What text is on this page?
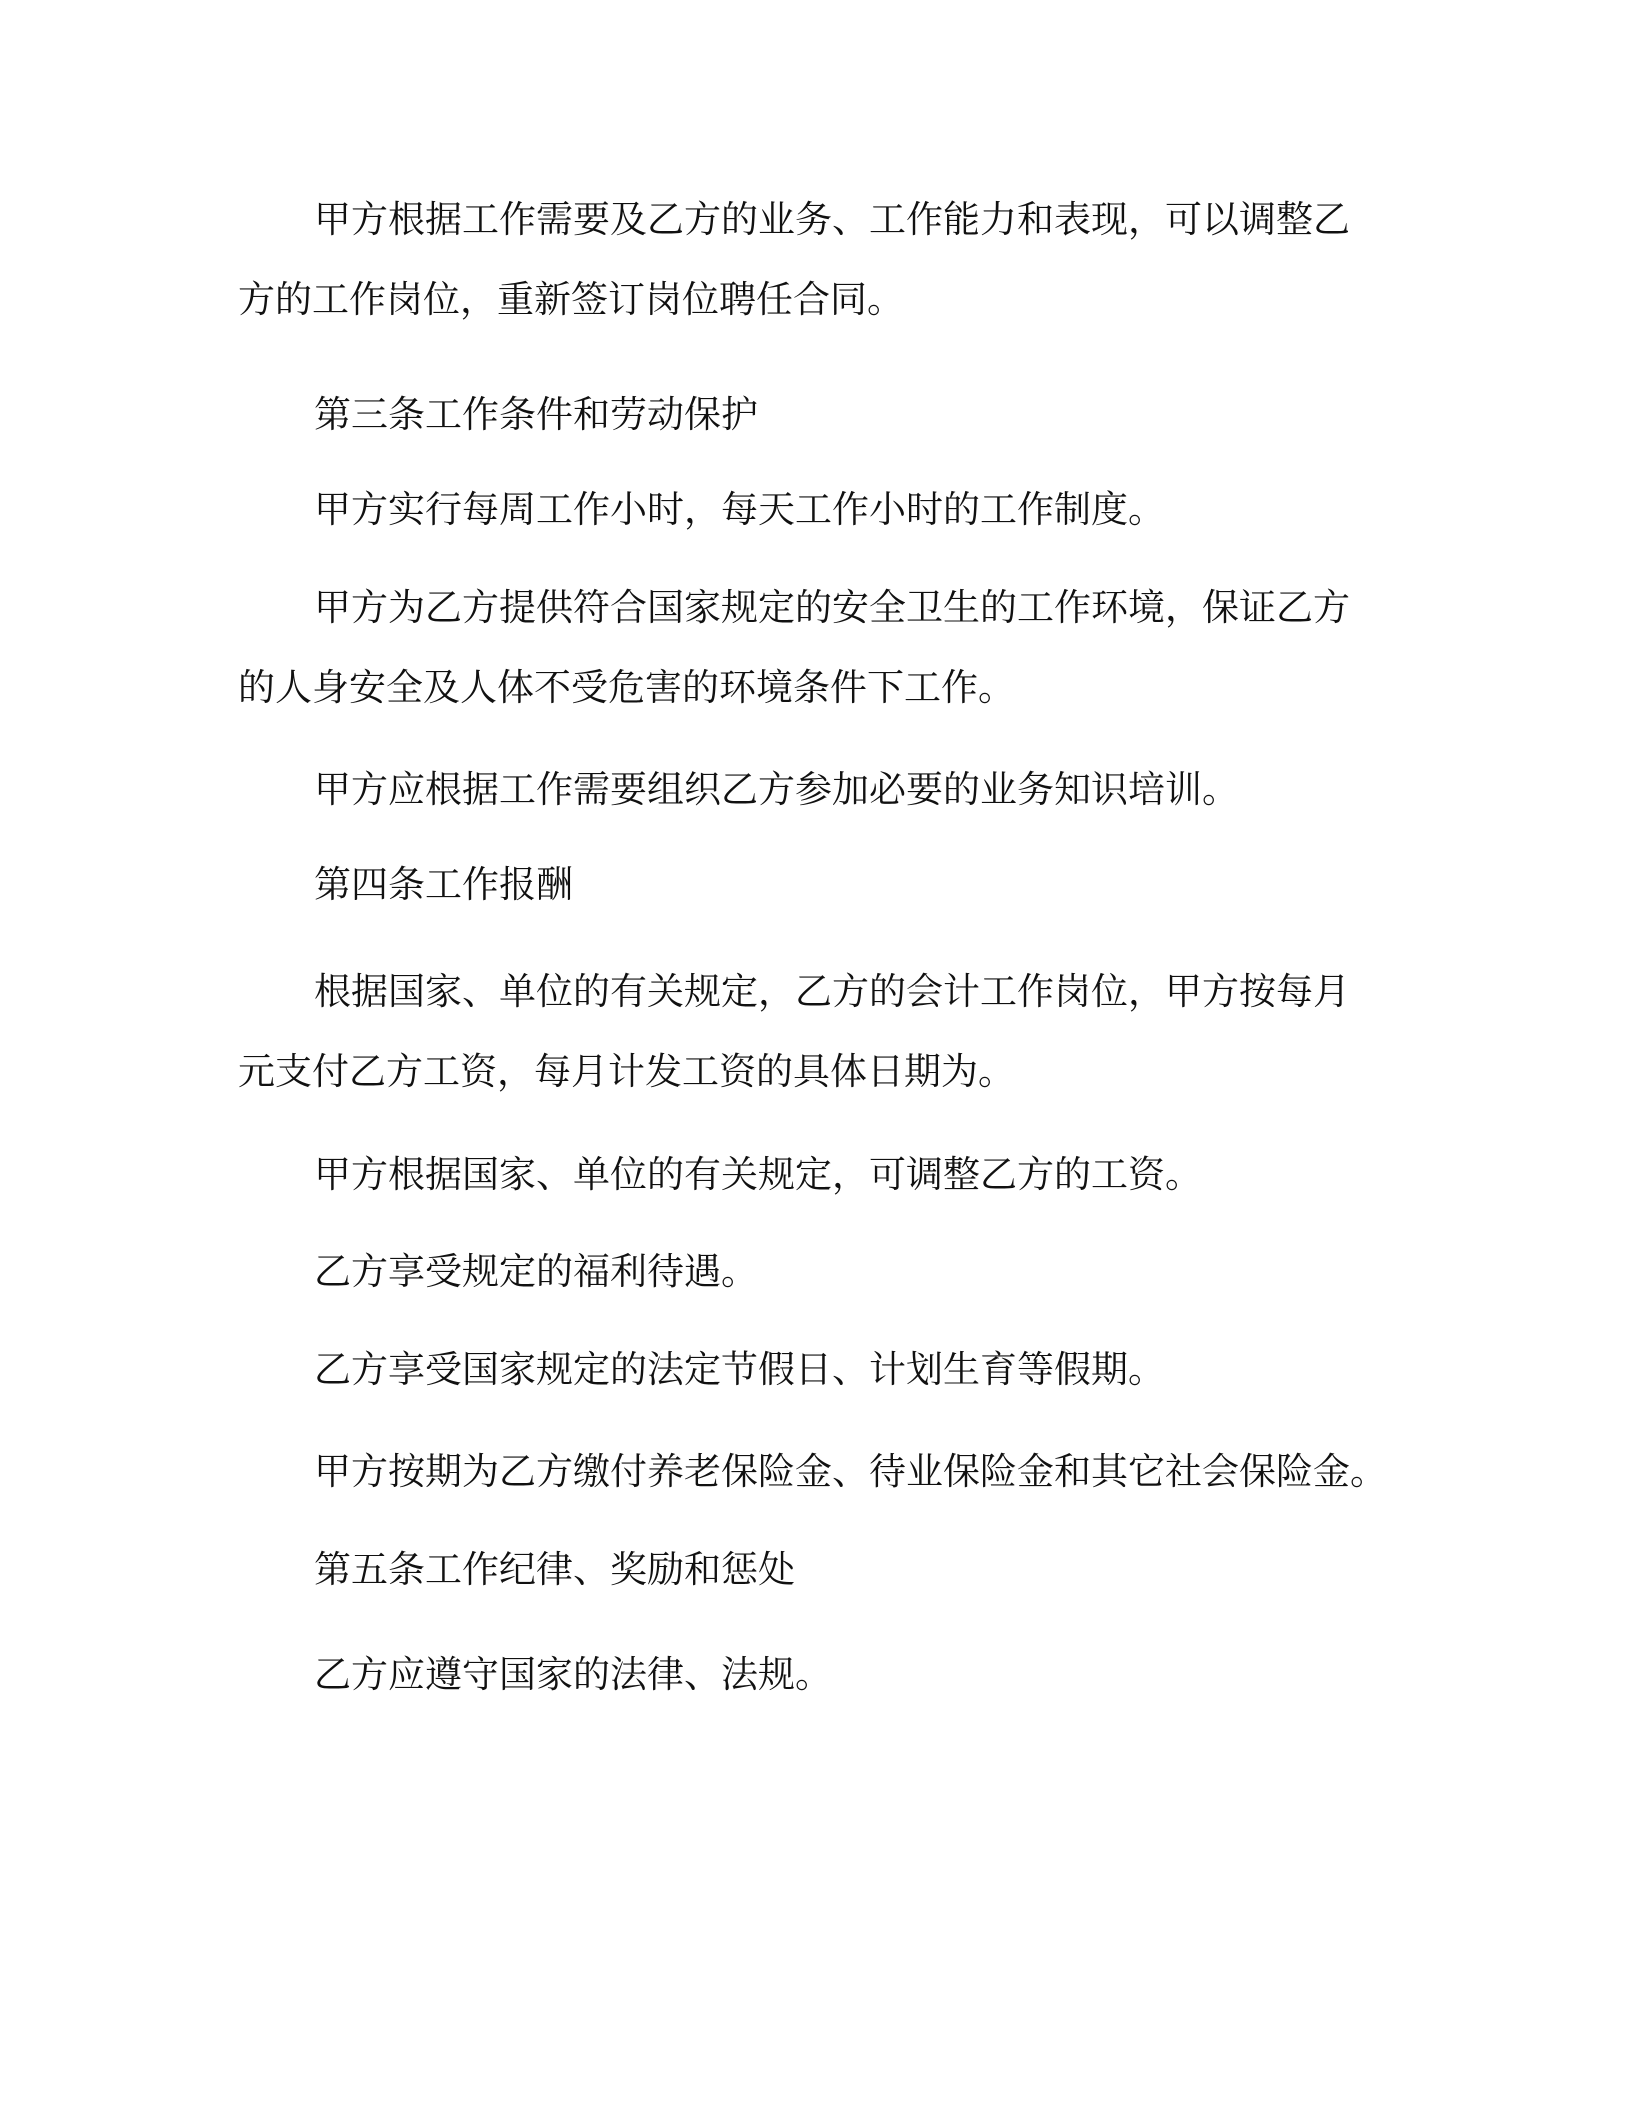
甲方根据工作需要及乙方的业务、工作能力和表现，可以调整乙方的工作岗位，重新签订岗位聘任合同。

第三条工作条件和劳动保护

甲方实行每周工作小时，每天工作小时的工作制度。

甲方为乙方提供符合国家规定的安全卫生的工作环境，保证乙方的人身安全及人体不受危害的环境条件下工作。

甲方应根据工作需要组织乙方参加必要的业务知识培训。

第四条工作报酬

根据国家、单位的有关规定，乙方的会计工作岗位，甲方按每月元支付乙方工资，每月计发工资的具体日期为。

甲方根据国家、单位的有关规定，可调整乙方的工资。

乙方享受规定的福利待遇。

乙方享受国家规定的法定节假日、计划生育等假期。

甲方按期为乙方缴付养老保险金、待业保险金和其它社会保险金。

第五条工作纪律、奖励和惩处

乙方应遵守国家的法律、法规。
